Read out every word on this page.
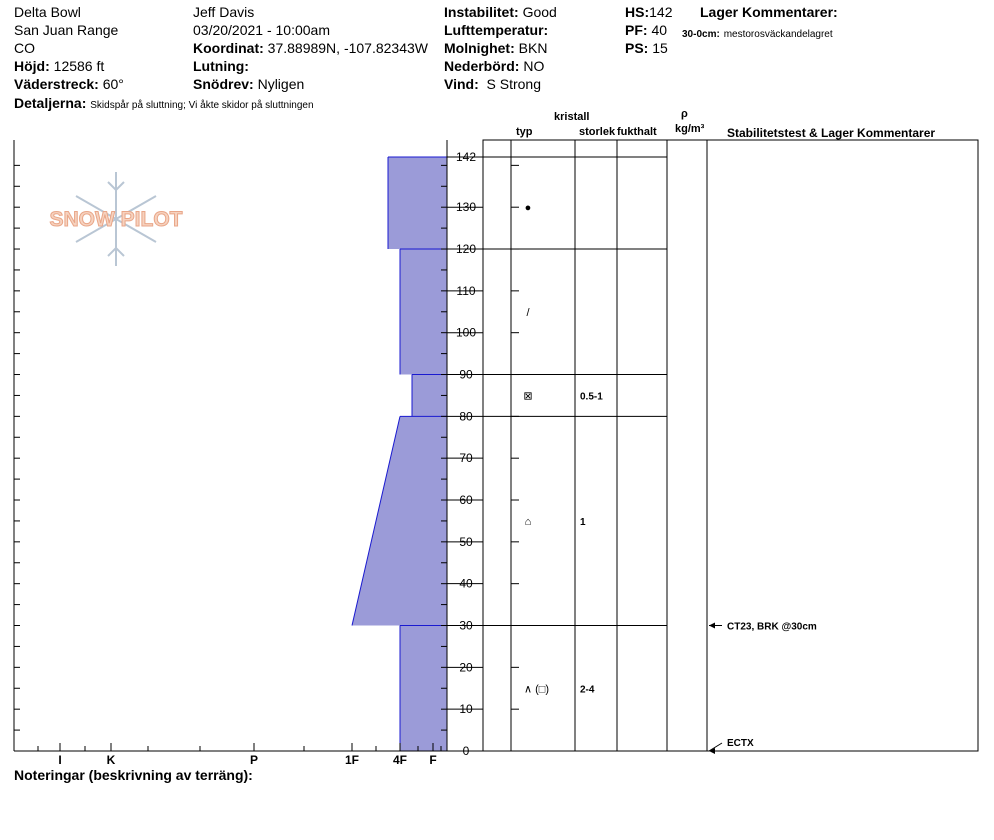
Delta Bowl
San Juan Range
CO
Höjd: 12586 ft
Väderstreck: 60°
Detaljerna: Skidspår på sluttning; Vi åkte skidor på sluttningen
Jeff Davis
03/20/2021 - 10:00am
Koordinat: 37.88989N, -107.82343W
Lutning:
Snödrev: Nyligen
Instabilitet: Good
Lufttemperatur:
Molnighet: BKN
Nederbörd: NO
Vind: S Strong
HS:142
PF: 40
PS: 15
Lager Kommentarer:
30-0cm: mestorosväckandelagret
kristall
typ	storlek fukthalt
ρ
kg/m³ Stabilitetstest & Lager Kommentarer
Noteringar (beskrivning av terräng):
SNOW PILOT
0
10
20
30
40
50
60
70
80
90
100
110
120
130
142
I	K	P	1F	4F F
●
/
⊠	0.5-1
⌂	1
∧ (□)	2-4
CT23, BRK @30cm
ECTX
